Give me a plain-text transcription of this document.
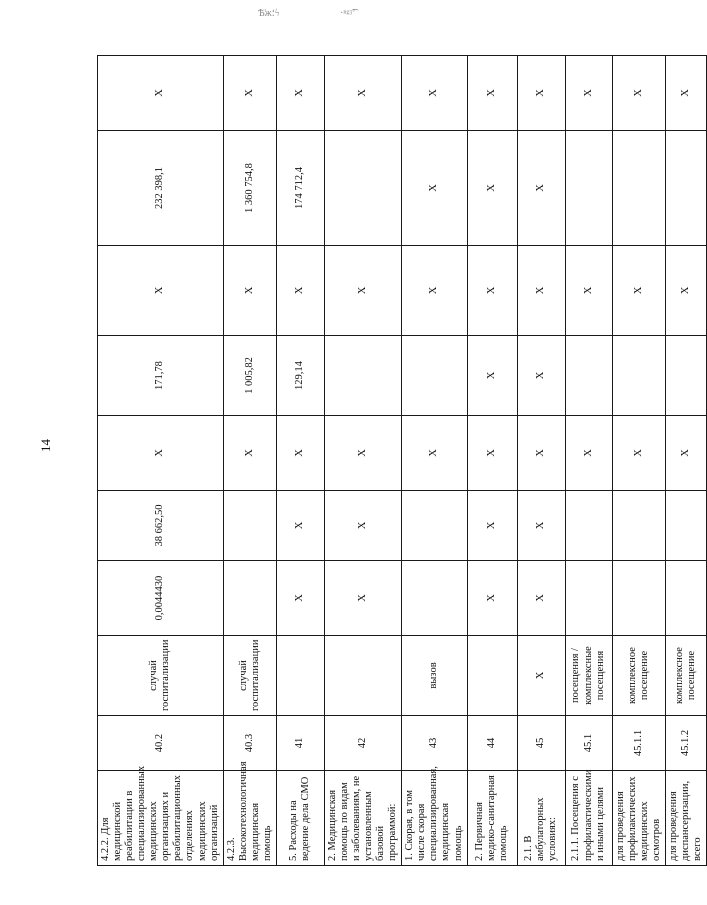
Ѣ̈ж؛ϟ	·ⁿᵍᶾ͡ʼ
14
4.2.2. Для медицинской реабилитации в специализированных медицинских организациях и реабилитационных отделениях медицинских организаций	40.2	случай госпитализации	0,0044430	38 662,50	X	171,78	X	232 398,1	X
4.2.3. Высокотехнологичная медицинская помощь	40.3	случай госпитализации			X	1 005,82	X	1 360 754,8	X
5. Расходы на ведение дела СМО	41		X	X	X	129,14	X	174 712,4	X
2. Медицинская помощь по видам и заболеваниям, не установленным базовой программой:	42		X	X	X		X		X
1. Скорая, в том числе скорая специализированная, медицинская помощь	43	вызов			X		X	X	X
2. Первичная медико-санитарная помощь	44		X	X	X	X	X	X	X
2.1. В амбулаторных условиях:	45	X	X	X	X	X	X	X	X
2.1.1. Посещения с профилактическими и иными целями	45.1	посещения / комплексные посещения			X		X		X
для проведения профилактических медицинских осмотров	45.1.1	комплексное посещение			X		X		X
для проведения диспансеризации, всего	45.1.2	комплексное посещение			X		X		X
